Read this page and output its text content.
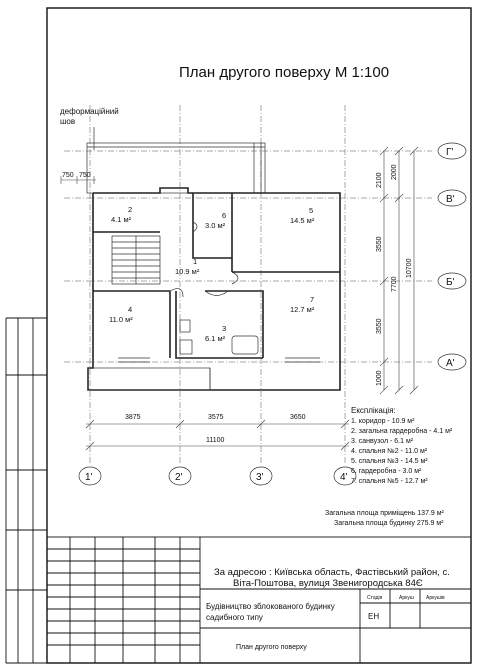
План другого поверху М 1:100
деформаційний
шов
750 750
2
4.1 м²	6
3.0 м²
5
14.5 м²
1
10.9 м²
4
11.0 м²
7
12.7 м²
3
6.1 м²
2100
3550
3550
1000
2000
7700
10700
Г'
В'
Б'
А'
3875	3575	3650
11100
1'	2'	3'	4'
Експлікація:
1. коридор - 10.9 м²
2. загальна гардеробна - 4.1 м²
3. санвузол - 6.1 м²
4. спальня №2 - 11.0 м²
5. спальня №3 - 14.5 м²
6. гардеробна - 3.0 м²
7. спальня №5 - 12.7 м²
Загальна площа приміщень 137.9 м²
Загальна площа будинку 275.9 м²
За адресою : Київська область, Фастівський район, с.
Віта-Поштова, вулиця Звенигородська 84Є
Будівництво зблокованого будинку
садибного типу
Стадія	Аркуш Аркушів
ЕН
План другого поверху
